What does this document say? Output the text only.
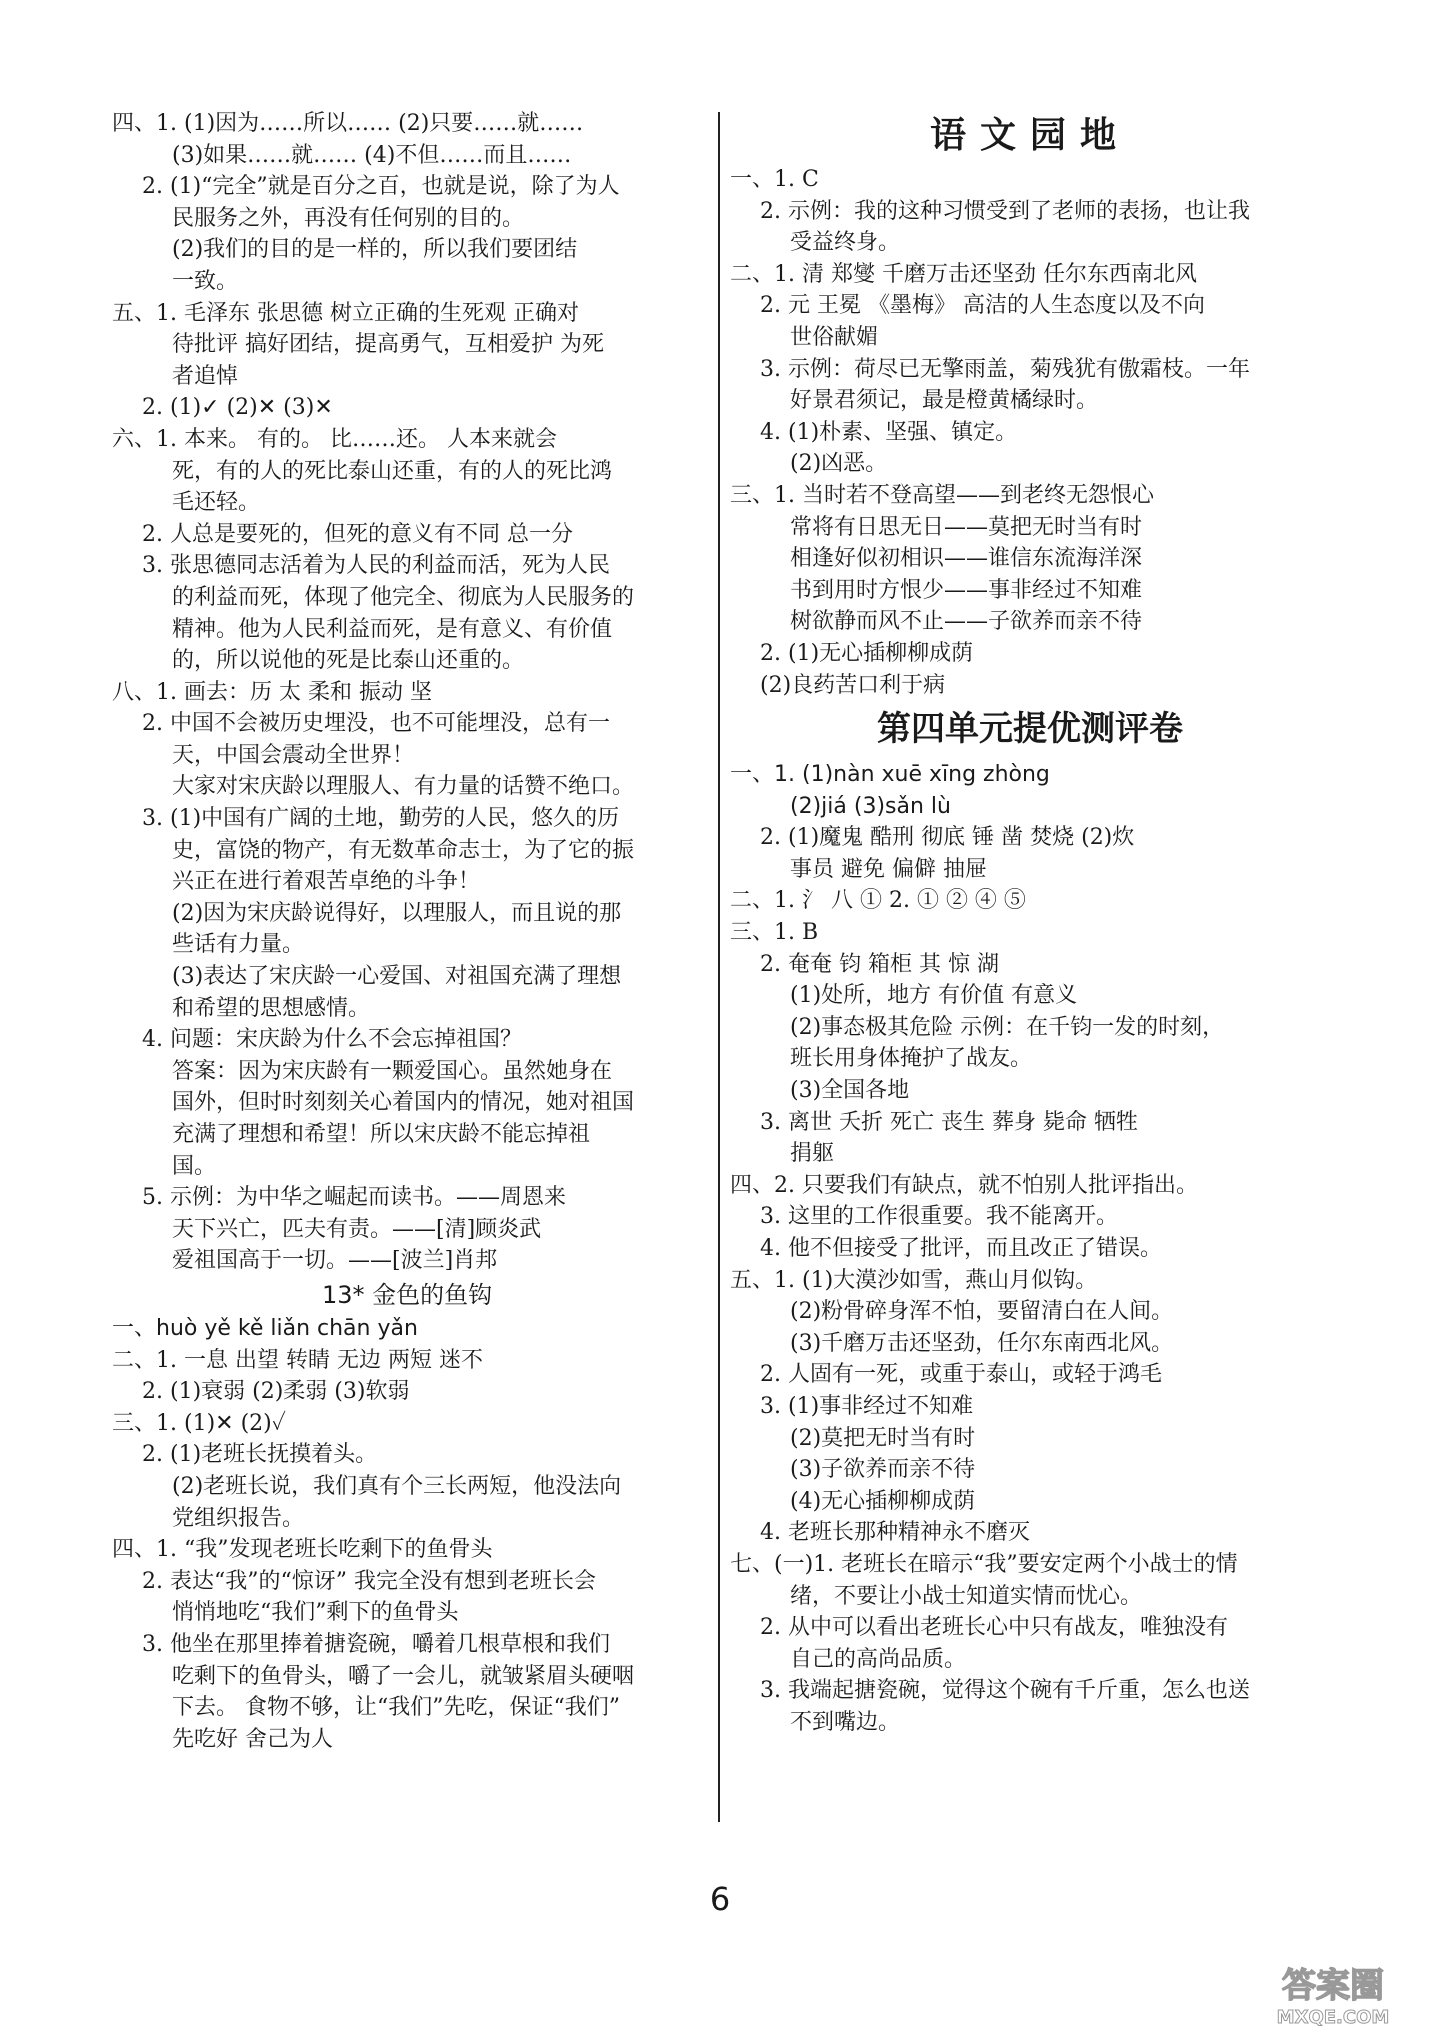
四、1. (1)因为……所以…… (2)只要……就……
(3)如果……就…… (4)不但……而且……
2. (1)“完全”就是百分之百，也就是说，除了为人
民服务之外，再没有任何别的目的。
(2)我们的目的是一样的，所以我们要团结
一致。
五、1. 毛泽东 张思德 树立正确的生死观 正确对
待批评 搞好团结，提高勇气，互相爱护 为死
者追悼
2. (1)✓ (2)✕ (3)✕
六、1. 本来。 有的。 比……还。 人本来就会
死，有的人的死比泰山还重，有的人的死比鸿
毛还轻。
2. 人总是要死的，但死的意义有不同 总一分
3. 张思德同志活着为人民的利益而活，死为人民
的利益而死，体现了他完全、彻底为人民服务的
精神。他为人民利益而死，是有意义、有价值
的，所以说他的死是比泰山还重的。
八、1. 画去：历 太 柔和 振动 坚
2. 中国不会被历史埋没，也不可能埋没，总有一
天，中国会震动全世界！
大家对宋庆龄以理服人、有力量的话赞不绝口。
3. (1)中国有广阔的土地，勤劳的人民，悠久的历
史，富饶的物产，有无数革命志士，为了它的振
兴正在进行着艰苦卓绝的斗争！
(2)因为宋庆龄说得好，以理服人，而且说的那
些话有力量。
(3)表达了宋庆龄一心爱国、对祖国充满了理想
和希望的思想感情。
4. 问题：宋庆龄为什么不会忘掉祖国？
答案：因为宋庆龄有一颗爱国心。虽然她身在
国外，但时时刻刻关心着国内的情况，她对祖国
充满了理想和希望！所以宋庆龄不能忘掉祖
国。
5. 示例：为中华之崛起而读书。——周恩来
天下兴亡，匹夫有责。——[清]顾炎武
爱祖国高于一切。——[波兰]肖邦
13* 金色的鱼钩
一、huò yě kě liǎn chān yǎn
二、1. 一息 出望 转睛 无边 两短 迷不
2. (1)衰弱 (2)柔弱 (3)软弱
三、1. (1)✕ (2)✓
2. (1)老班长抚摸着头。
(2)老班长说，我们真有个三长两短，他没法向
党组织报告。
四、1. “我”发现老班长吃剩下的鱼骨头
2. 表达“我”的“惊讶” 我完全没有想到老班长会
悄悄地吃“我们”剩下的鱼骨头
3. 他坐在那里捧着搪瓷碗，嚼着几根草根和我们
吃剩下的鱼骨头，嚼了一会儿，就皱紧眉头硬咽
下去。 食物不够，让“我们”先吃，保证“我们”
先吃好 舍己为人
语文园地
一、1. C
2. 示例：我的这种习惯受到了老师的表扬，也让我
受益终身。
二、1. 清 郑燮 千磨万击还坚劲 任尔东西南北风
2. 元 王冕 《墨梅》 高洁的人生态度以及不向
世俗献媚
3. 示例：荷尽已无擎雨盖，菊残犹有傲霜枝。一年
好景君须记，最是橙黄橘绿时。
4. (1)朴素、坚强、镇定。
(2)凶恶。
三、1. 当时若不登高望——到老终无怨恨心
常将有日思无日——莫把无时当有时
相逢好似初相识——谁信东流海洋深
书到用时方恨少——事非经过不知难
树欲静而风不止——子欲养而亲不待
2. (1)无心插柳柳成荫
(2)良药苦口利于病
第四单元提优测评卷
一、1. (1)nàn xuē xīng zhòng
(2)jiá (3)sǎn lù
2. (1)魔鬼 酷刑 彻底 锤 凿 焚烧 (2)炊
事员 避免 偏僻 抽屉
二、1. 氵 八 ① 2. ① ② ④ ⑤
三、1. B
2. 奄奄 钧 箱柜 其 惊 湖
(1)处所，地方 有价值 有意义
(2)事态极其危险 示例：在千钧一发的时刻，
班长用身体掩护了战友。
(3)全国各地
3. 离世 夭折 死亡 丧生 葬身 毙命 牺牲
捐躯
四、2. 只要我们有缺点，就不怕别人批评指出。
3. 这里的工作很重要。我不能离开。
4. 他不但接受了批评，而且改正了错误。
五、1. (1)大漠沙如雪，燕山月似钩。
(2)粉骨碎身浑不怕，要留清白在人间。
(3)千磨万击还坚劲，任尔东南西北风。
2. 人固有一死，或重于泰山，或轻于鸿毛
3. (1)事非经过不知难
(2)莫把无时当有时
(3)子欲养而亲不待
(4)无心插柳柳成荫
4. 老班长那种精神永不磨灭
七、(一)1. 老班长在暗示“我”要安定两个小战士的情
绪，不要让小战士知道实情而忧心。
2. 从中可以看出老班长心中只有战友，唯独没有
自己的高尚品质。
3. 我端起搪瓷碗，觉得这个碗有千斤重，怎么也送
不到嘴边。
6
答案圈
MXQE.COM
